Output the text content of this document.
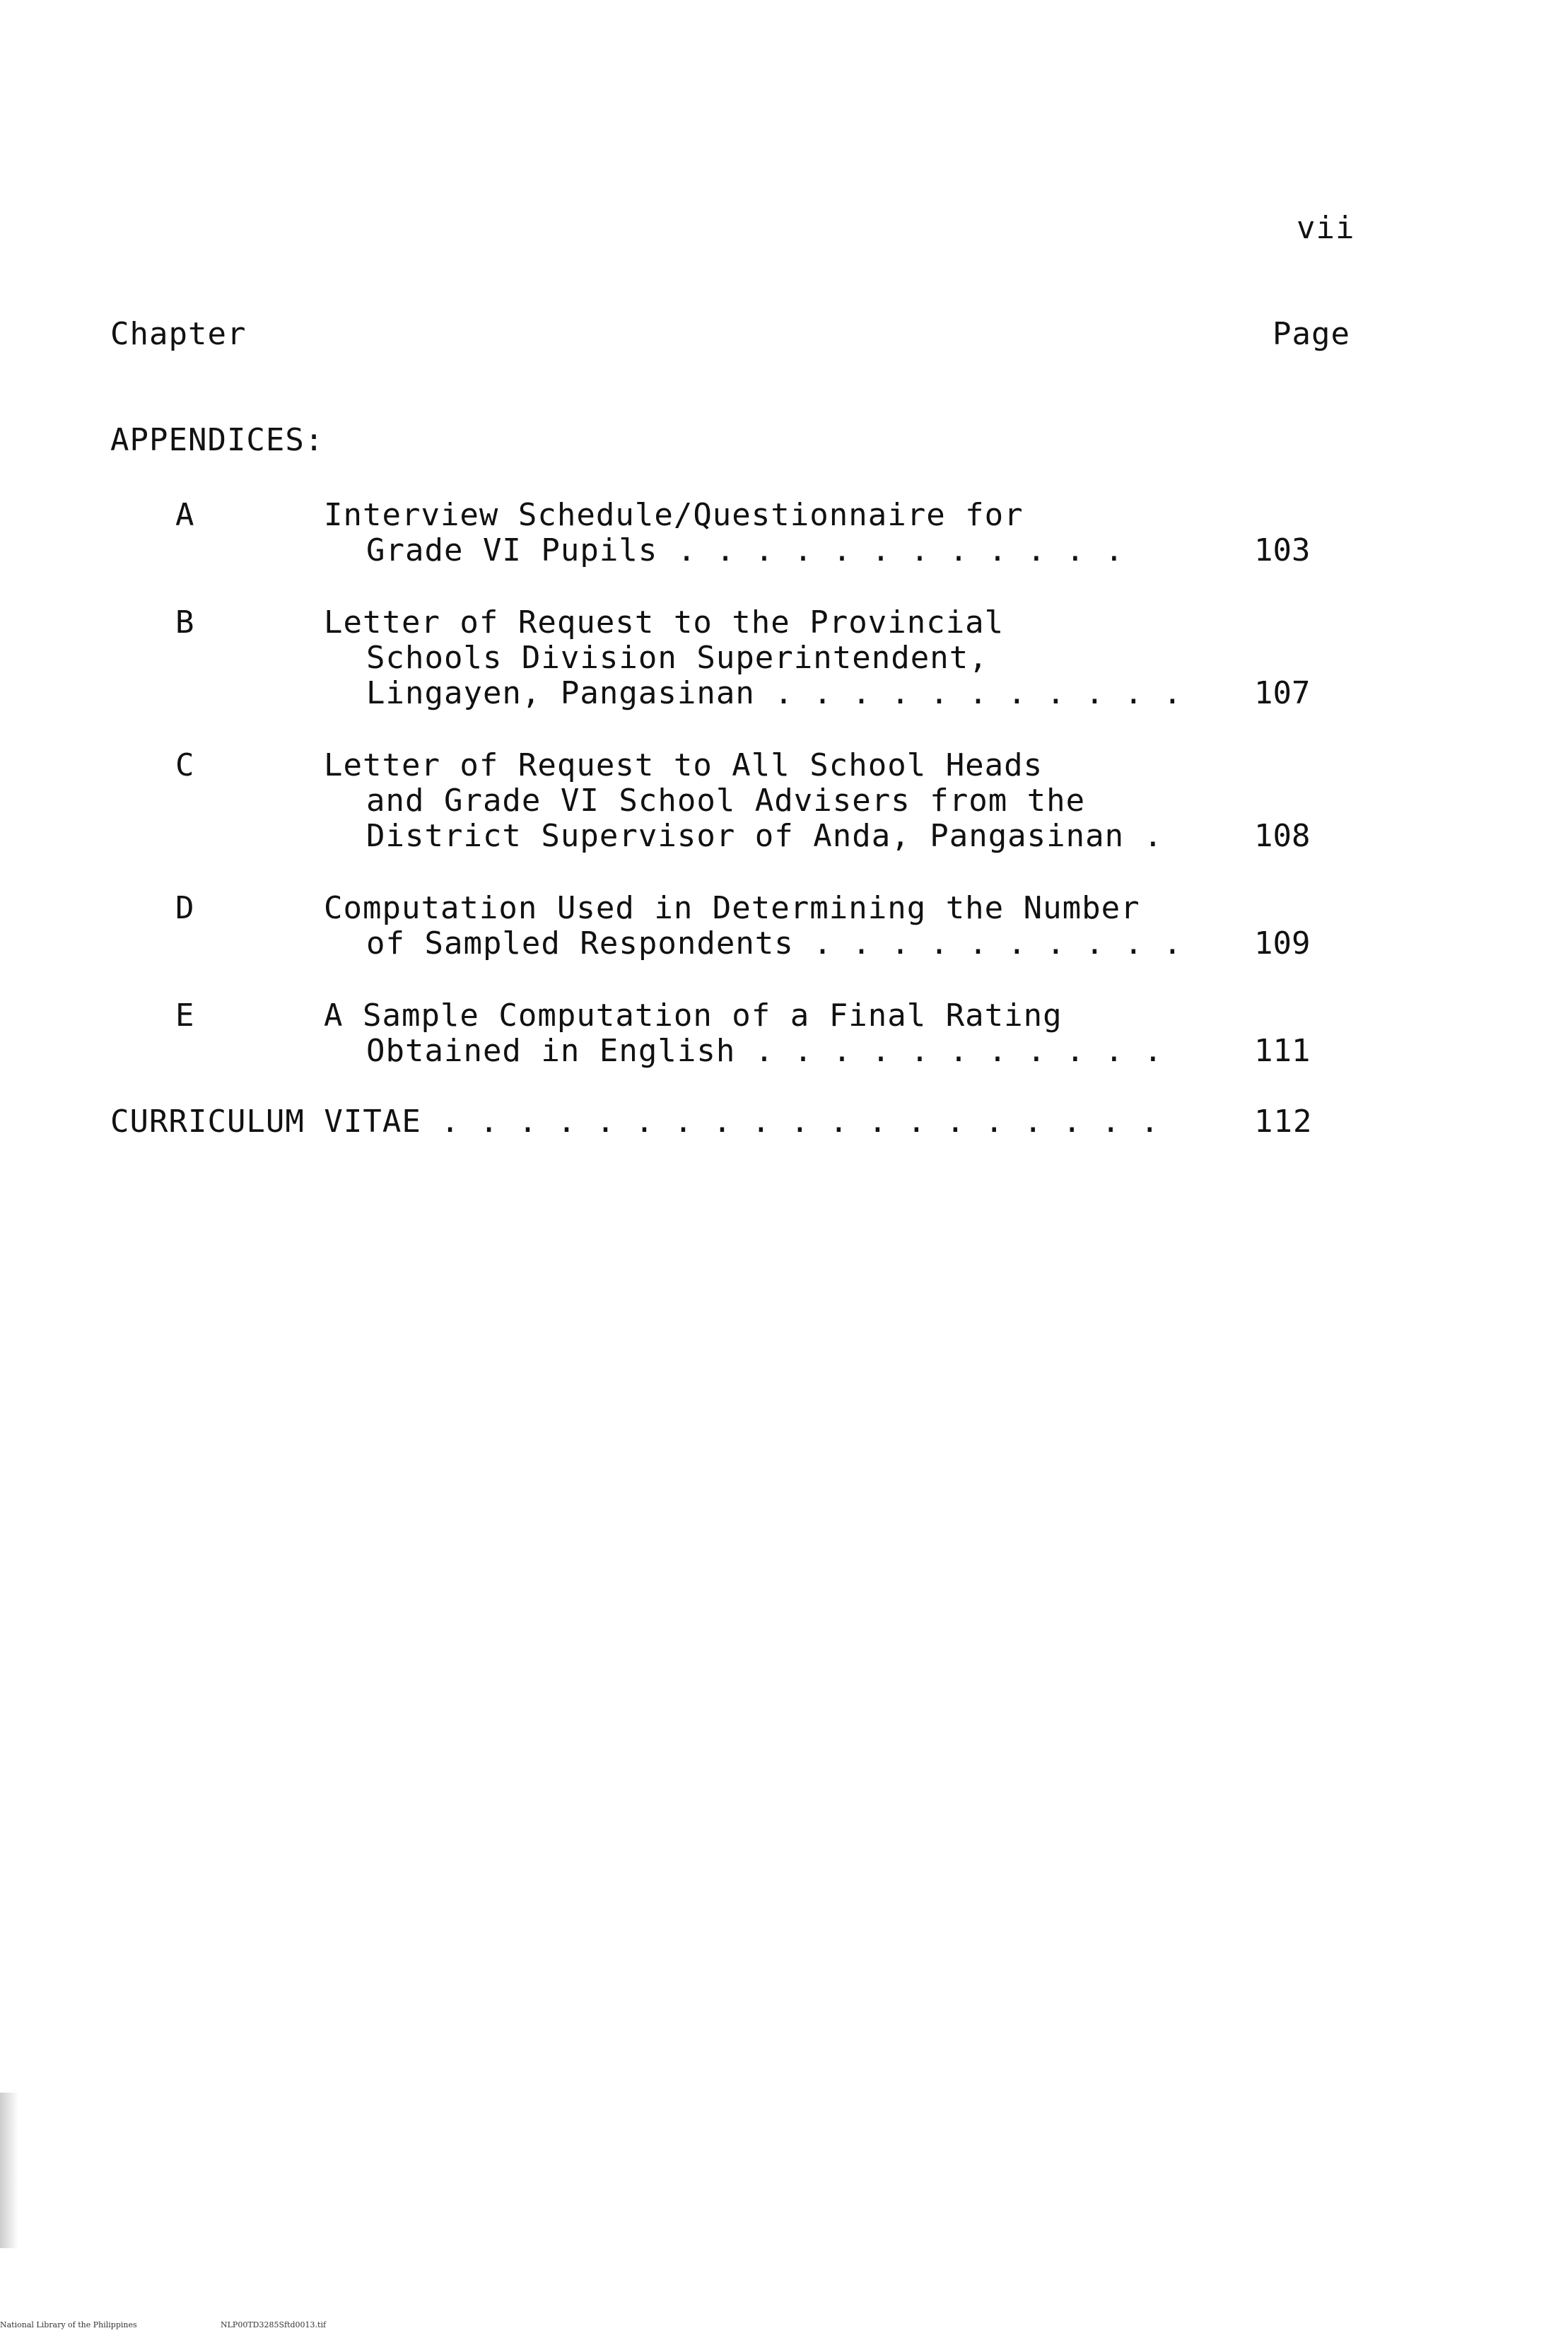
vii
Chapter	Page
APPENDICES:
A	Interview Schedule/Questionnaire for
Grade VI Pupils . . . . . . . . . . . .	103
B	Letter of Request to the Provincial
Schools Division Superintendent,
Lingayen, Pangasinan . . . . . . . . . . . 107
C	Letter of Request to All School Heads
and Grade VI School Advisers from the
District Supervisor of Anda, Pangasinan .	108
D	Computation Used in Determining the Number
of Sampled Respondents . . . . . . . . . . 109
E	A Sample Computation of a Final Rating
Obtained in English . . . . . . . . . . .	111
CURRICULUM VITAE . . . . . . . . . . . . . . . . . . .	112
National Library of the Philippines	NLP00TD3285Sftd0013.tif
